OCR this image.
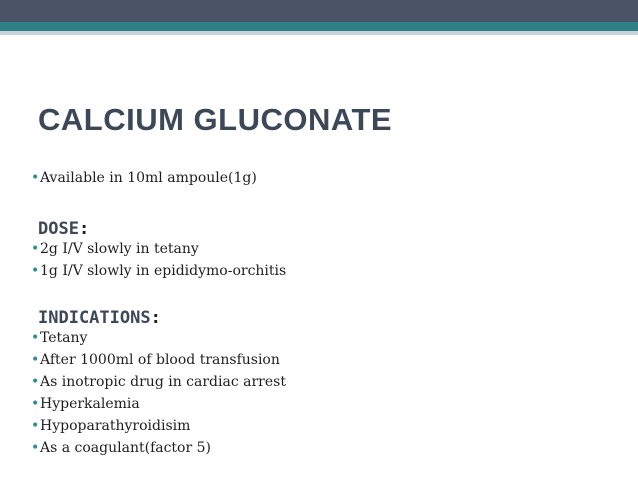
CALCIUM GLUCONATE
• Available in 10ml ampoule(1g)
DOSE:
• 2g I/V slowly in tetany
• 1g I/V slowly in epididymo-orchitis
INDICATIONS:
• Tetany
• After 1000ml of blood transfusion
• As inotropic drug in cardiac arrest
• Hyperkalemia
• Hypoparathyroidisim
• As a coagulant(factor 5)
